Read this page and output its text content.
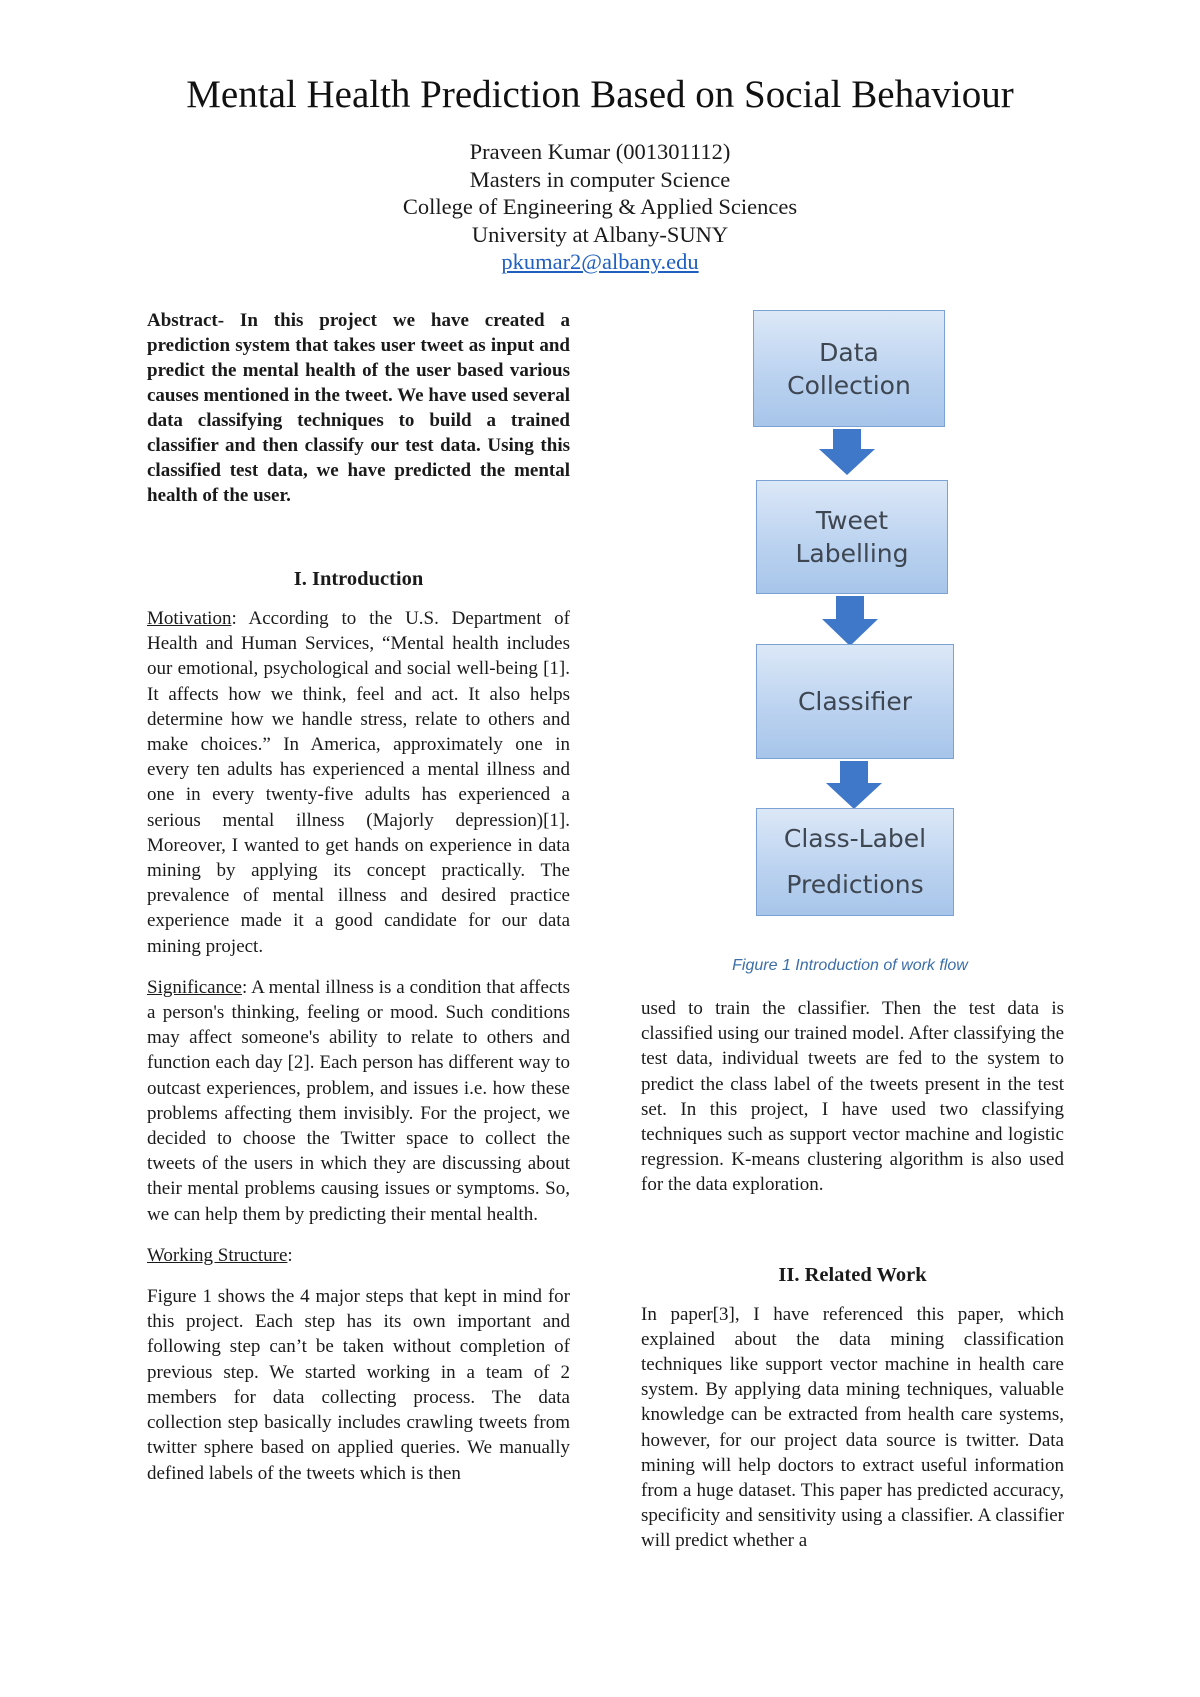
Mental Health Prediction Based on Social Behaviour
Praveen Kumar (001301112)
Masters in computer Science
College of Engineering & Applied Sciences
University at Albany-SUNY
pkumar2@albany.edu

Abstract- In this project we have created a prediction system that takes user tweet as input and predict the mental health of the user based various causes mentioned in the tweet. We have used several data classifying techniques to build a trained classifier and then classify our test data. Using this classified test data, we have predicted the mental health of the user.

I. Introduction

Motivation: According to the U.S. Department of Health and Human Services, “Mental health includes our emotional, psychological and social well-being [1]. It affects how we think, feel and act. It also helps determine how we handle stress, relate to others and make choices.” In America, approximately one in every ten adults has experienced a mental illness and one in every twenty-five adults has experienced a serious mental illness (Majorly depression)[1]. Moreover, I wanted to get hands on experience in data mining by applying its concept practically. The prevalence of mental illness and desired practice experience made it a good candidate for our data mining project.

Significance: A mental illness is a condition that affects a person's thinking, feeling or mood. Such conditions may affect someone's ability to relate to others and function each day [2]. Each person has different way to outcast experiences, problem, and issues i.e. how these problems affecting them invisibly. For the project, we decided to choose the Twitter space to collect the tweets of the users in which they are discussing about their mental problems causing issues or symptoms. So, we can help them by predicting their mental health.

Working Structure:

Figure 1 shows the 4 major steps that kept in mind for this project. Each step has its own important and following step can’t be taken without completion of previous step. We started working in a team of 2 members for data collecting process. The data collection step basically includes crawling tweets from twitter sphere based on applied queries. We manually defined labels of the tweets which is then

Data
Collection
Tweet
Labelling
Classifier
Class-Label
Predictions
Figure 1 Introduction of work flow

used to train the classifier. Then the test data is classified using our trained model. After classifying the test data, individual tweets are fed to the system to predict the class label of the tweets present in the test set. In this project, I have used two classifying techniques such as support vector machine and logistic regression. K-means clustering algorithm is also used for the data exploration.

II. Related Work

In paper[3], I have referenced this paper, which explained about the data mining classification techniques like support vector machine in health care system. By applying data mining techniques, valuable knowledge can be extracted from health care systems, however, for our project data source is twitter. Data mining will help doctors to extract useful information from a huge dataset. This paper has predicted accuracy, specificity and sensitivity using a classifier. A classifier will predict whether a
